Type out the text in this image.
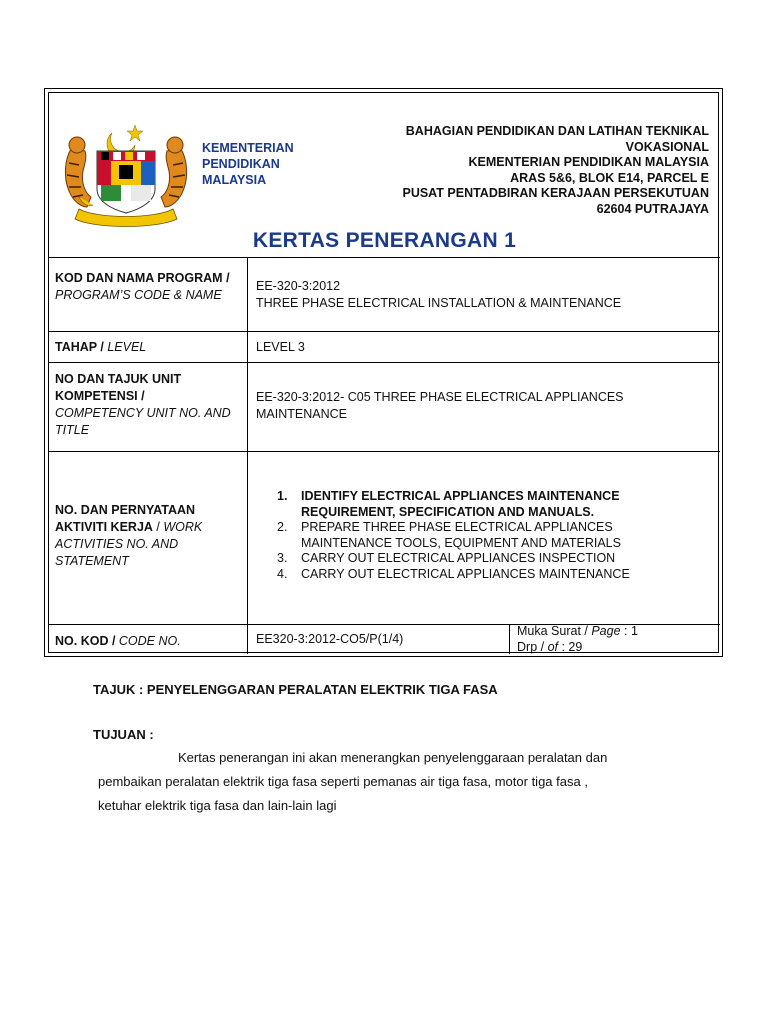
KEMENTERIAN
PENDIDIKAN
MALAYSIA
BAHAGIAN PENDIDIKAN DAN LATIHAN TEKNIKAL
VOKASIONAL
KEMENTERIAN PENDIDIKAN MALAYSIA
ARAS 5&6, BLOK E14, PARCEL E
PUSAT PENTADBIRAN KERAJAAN PERSEKUTUAN
62604 PUTRAJAYA
KERTAS PENERANGAN 1
KOD DAN NAMA PROGRAM / PROGRAM’S CODE & NAME
EE-320-3:2012
THREE PHASE ELECTRICAL INSTALLATION & MAINTENANCE
TAHAP / LEVEL	LEVEL 3
NO DAN TAJUK UNIT KOMPETENSI /
COMPETENCY UNIT NO. AND TITLE
EE-320-3:2012- C05 THREE PHASE ELECTRICAL APPLIANCES MAINTENANCE
NO. DAN PERNYATAAN AKTIVITI KERJA / WORK ACTIVITIES NO. AND STATEMENT
1. IDENTIFY ELECTRICAL APPLIANCES MAINTENANCE REQUIREMENT, SPECIFICATION AND MANUALS.
2. PREPARE THREE PHASE ELECTRICAL APPLIANCES MAINTENANCE TOOLS, EQUIPMENT AND MATERIALS
3. CARRY OUT ELECTRICAL APPLIANCES INSPECTION
4. CARRY OUT ELECTRICAL APPLIANCES MAINTENANCE
NO. KOD / CODE NO.	EE320-3:2012-CO5/P(1/4)
Muka Surat / Page : 1
Drp / of : 29
TAJUK : PENYELENGGARAN PERALATAN ELEKTRIK TIGA FASA
TUJUAN :
Kertas penerangan ini akan menerangkan penyelenggaraan peralatan dan
pembaikan peralatan elektrik tiga fasa seperti pemanas air tiga fasa, motor tiga fasa ,
ketuhar elektrik tiga fasa dan lain-lain lagi
